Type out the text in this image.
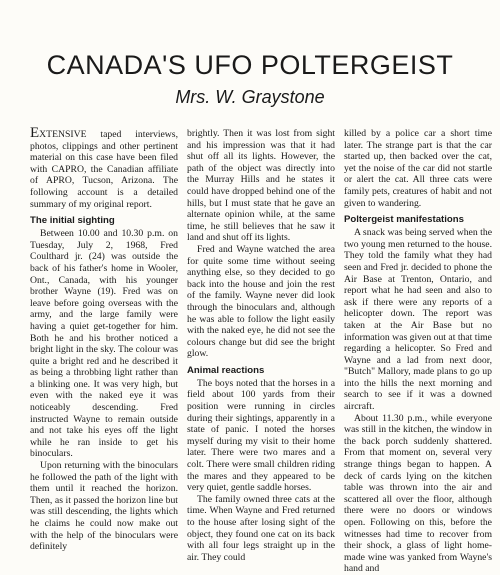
CANADA'S UFO POLTERGEIST
Mrs. W. Graystone

EXTENSIVE taped interviews, photos, clippings and other pertinent material on this case have been filed with CAPRO, the Canadian affiliate of APRO, Tucson, Arizona. The following account is a detailed summary of my original report.

The initial sighting

Between 10.00 and 10.30 p.m. on Tuesday, July 2, 1968, Fred Coulthard jr. (24) was outside the back of his father's home in Wooler, Ont., Canada, with his younger brother Wayne (19). Fred was on leave before going overseas with the army, and the large family were having a quiet get-together for him. Both he and his brother noticed a bright light in the sky. The colour was quite a bright red and he described it as being a throbbing light rather than a blinking one. It was very high, but even with the naked eye it was noticeably descending. Fred instructed Wayne to remain outside and not take his eyes off the light while he ran inside to get his binoculars.

Upon returning with the binoculars he followed the path of the light with them until it reached the horizon. Then, as it passed the horizon line but was still descending, the lights which he claims he could now make out with the help of the binoculars were definitely

brightly. Then it was lost from sight and his impression was that it had shut off all its lights. However, the path of the object was directly into the Murray Hills and he states it could have dropped behind one of the hills, but I must state that he gave an alternate opinion while, at the same time, he still believes that he saw it land and shut off its lights.

Fred and Wayne watched the area for quite some time without seeing anything else, so they decided to go back into the house and join the rest of the family. Wayne never did look through the binoculars and, although he was able to follow the light easily with the naked eye, he did not see the colours change but did see the bright glow.

Animal reactions

The boys noted that the horses in a field about 100 yards from their position were running in circles during their sightings, apparently in a state of panic. I noted the horses myself during my visit to their home later. There were two mares and a colt. There were small children riding the mares and they appeared to be very quiet, gentle saddle horses.

The family owned three cats at the time. When Wayne and Fred returned to the house after losing sight of the object, they found one cat on its back with all four legs straight up in the air. They could

killed by a police car a short time later. The strange part is that the car started up, then backed over the cat, yet the noise of the car did not startle or alert the cat. All three cats were family pets, creatures of habit and not given to wandering.

Poltergeist manifestations

A snack was being served when the two young men returned to the house. They told the family what they had seen and Fred jr. decided to phone the Air Base at Trenton, Ontario, and report what he had seen and also to ask if there were any reports of a helicopter down. The report was taken at the Air Base but no information was given out at that time regarding a helicopter. So Fred and Wayne and a lad from next door, "Butch" Mallory, made plans to go up into the hills the next morning and search to see if it was a downed aircraft.

About 11.30 p.m., while everyone was still in the kitchen, the window in the back porch suddenly shattered. From that moment on, several very strange things began to happen. A deck of cards lying on the kitchen table was thrown into the air and scattered all over the floor, although there were no doors or windows open. Following on this, before the witnesses had time to recover from their shock, a glass of light home-made wine was yanked from Wayne's hand and
